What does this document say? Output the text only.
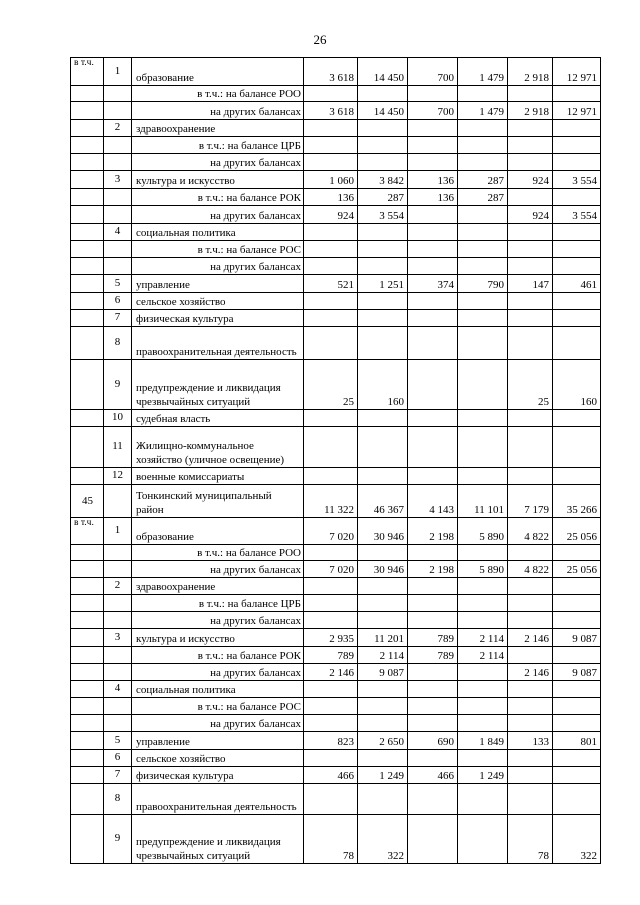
26
в т.ч.	1	образование	3 618	14 450	700	1 479	2 918	12 971
		в т.ч.: на балансе РОО						
		на других балансах	3 618	14 450	700	1 479	2 918	12 971
	2	здравоохранение						
		в т.ч.: на балансе ЦРБ						
		на других балансах						
	3	культура и искусство	1 060	3 842	136	287	924	3 554
		в т.ч.: на балансе РОК	136	287	136	287		
		на других балансах	924	3 554			924	3 554
	4	социальная политика						
		в т.ч.: на балансе РОС						
		на других балансах						
	5	управление	521	1 251	374	790	147	461
	6	сельское хозяйство						
	7	физическая культура						
	8	правоохранительная деятельность						
	9	предупреждение и ликвидация чрезвычайных ситуаций	25	160			25	160
	10	судебная власть						
	11	Жилищно-коммунальное хозяйство (уличное освещение)						
	12	военные комиссариаты						
45		Тонкинский муниципальный район	11 322	46 367	4 143	11 101	7 179	35 266
в т.ч.	1	образование	7 020	30 946	2 198	5 890	4 822	25 056
		в т.ч.: на балансе РОО						
		на других балансах	7 020	30 946	2 198	5 890	4 822	25 056
	2	здравоохранение						
		в т.ч.: на балансе ЦРБ						
		на других балансах						
	3	культура и искусство	2 935	11 201	789	2 114	2 146	9 087
		в т.ч.: на балансе РОК	789	2 114	789	2 114		
		на других балансах	2 146	9 087			2 146	9 087
	4	социальная политика						
		в т.ч.: на балансе РОС						
		на других балансах						
	5	управление	823	2 650	690	1 849	133	801
	6	сельское хозяйство						
	7	физическая культура	466	1 249	466	1 249		
	8	правоохранительная деятельность						
	9	предупреждение и ликвидация чрезвычайных ситуаций	78	322			78	322
